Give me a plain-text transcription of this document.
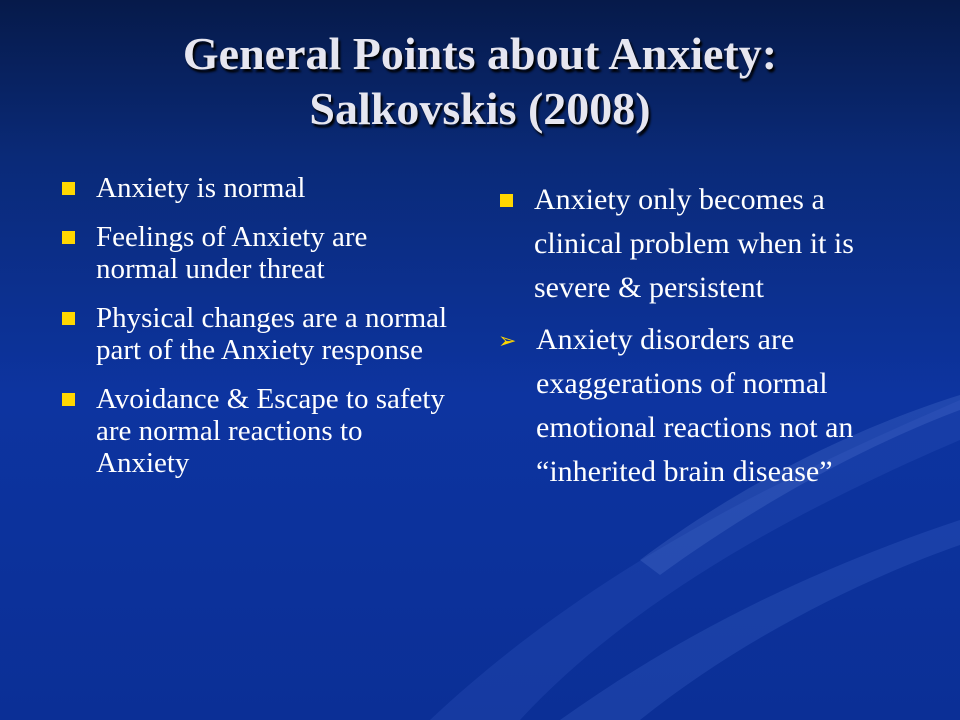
General Points about Anxiety:
Salkovskis (2008)
Anxiety is normal
Feelings of Anxiety are normal under threat
Physical changes are a normal part of the Anxiety response
Avoidance & Escape to safety are normal reactions to Anxiety
Anxiety only becomes a clinical problem when it is severe & persistent
➢ Anxiety disorders are exaggerations of normal emotional reactions not an “inherited brain disease”
